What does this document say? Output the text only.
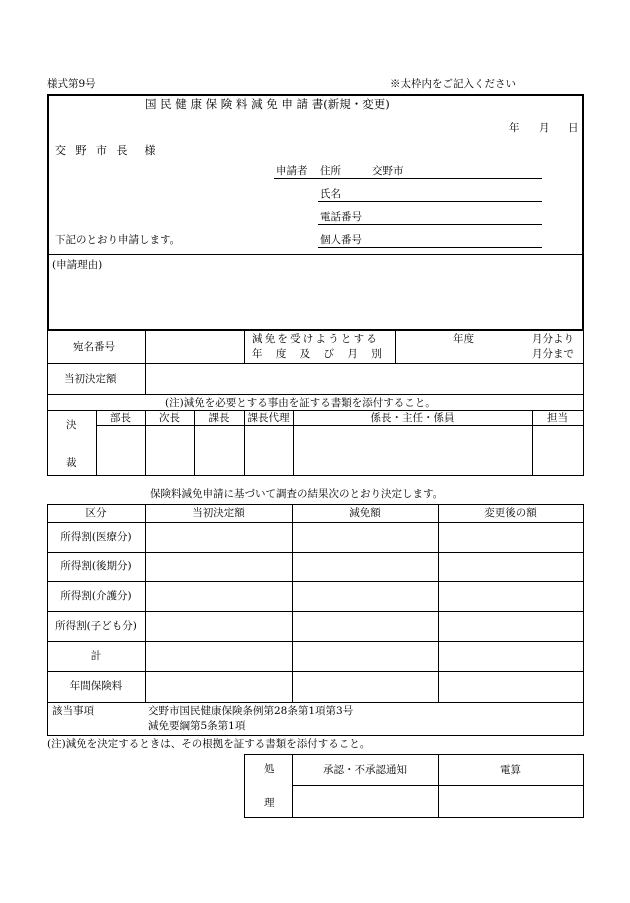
様式第9号	※太枠内をご記入ください
国 民 健 康 保 険 料 減 免 申 請 書(新規・変更)
年 月 日
交 野 市 長　様
申請者 住所	交野市
氏名
電話番号
下記のとおり申請します。	個人番号
(申請理由)
宛名番号
減免を受けようとする
年 度 及 び 月 別
年度	月分より
月分まで
当初決定額
(注)減免を必要とする事由を証する書類を添付すること。
決
裁
部長	次長	課長	課長代理	係長・主任・係員	担当
保険料減免申請に基づいて調査の結果次のとおり決定します。
区分	当初決定額	減免額	変更後の額
所得割(医療分)
所得割(後期分)
所得割(介護分)
所得割(子ども分)
計
年間保険料
該当事項	交野市国民健康保険条例第28条第1項第3号
減免要綱第5条第1項
(注)減免を決定するときは、その根拠を証する書類を添付すること。
処
理
承認・不承認通知	電算
